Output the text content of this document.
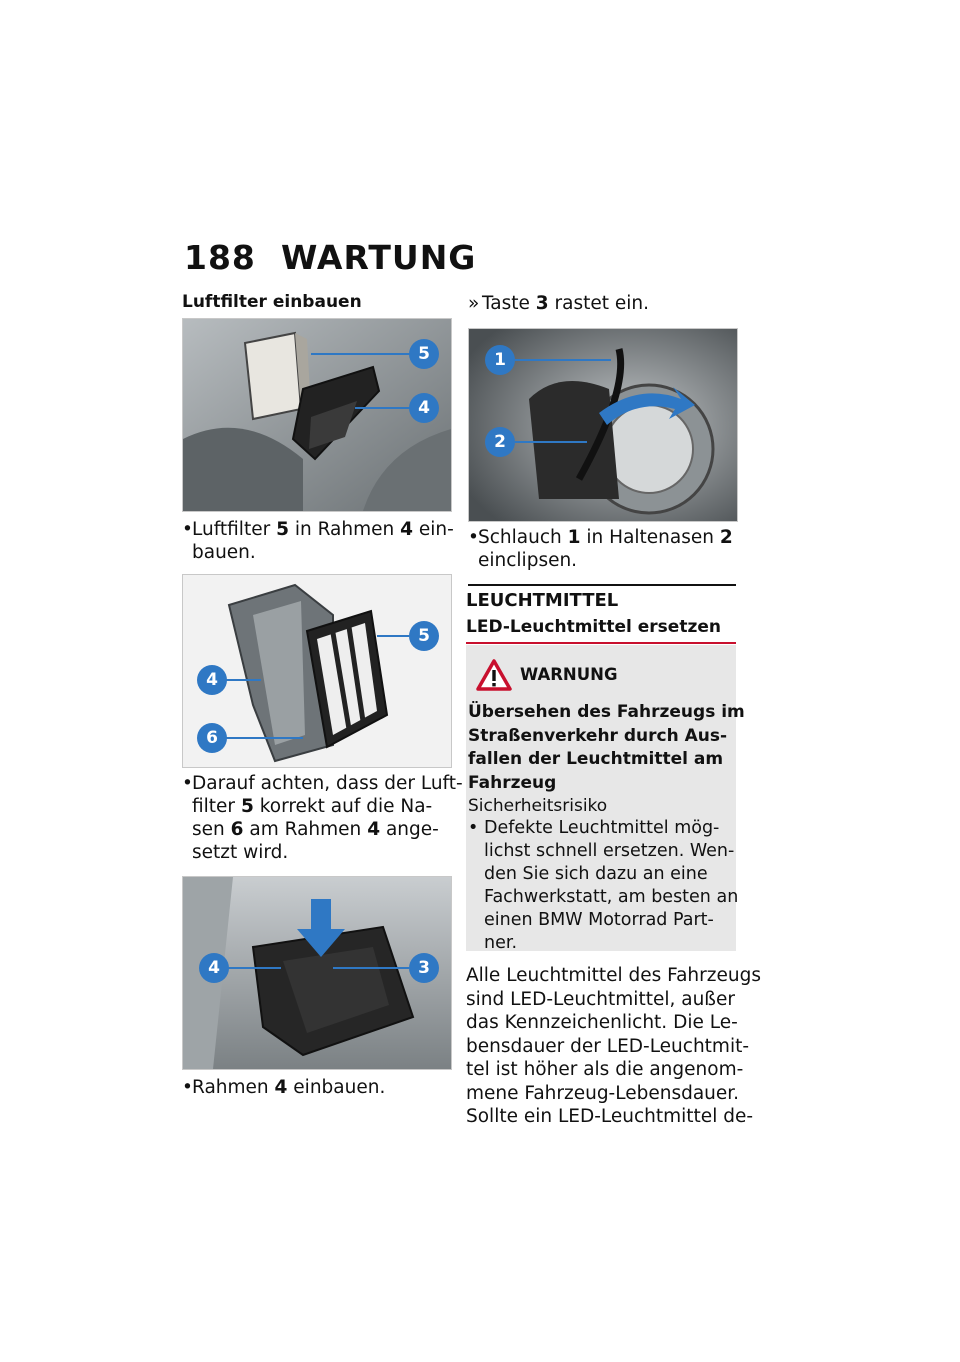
188 WARTUNG
Luftfilter einbauen
5
4
• Luftfilter 5 in Rahmen 4 ein-
bauen.
5
4
6
• Darauf achten, dass der Luft-
filter 5 korrekt auf die Na-
sen 6 am Rahmen 4 ange-
setzt wird.
4	3
• Rahmen 4 einbauen.
» Taste 3 rastet ein.
1
2
• Schlauch 1 in Haltenasen 2
einclipsen.
LEUCHTMITTEL
LED-Leuchtmittel ersetzen
WARNUNG
Übersehen des Fahrzeugs im
Straßenverkehr durch Aus-
fallen der Leuchtmittel am
Fahrzeug
Sicherheitsrisiko
• Defekte Leuchtmittel mög-
lichst schnell ersetzen. Wen-
den Sie sich dazu an eine
Fachwerkstatt, am besten an
einen BMW Motorrad Part-
ner.
Alle Leuchtmittel des Fahrzeugs
sind LED-Leuchtmittel, außer
das Kennzeichenlicht. Die Le-
bensdauer der LED-Leuchtmit-
tel ist höher als die angenom-
mene Fahrzeug-Lebensdauer.
Sollte ein LED-Leuchtmittel de-
